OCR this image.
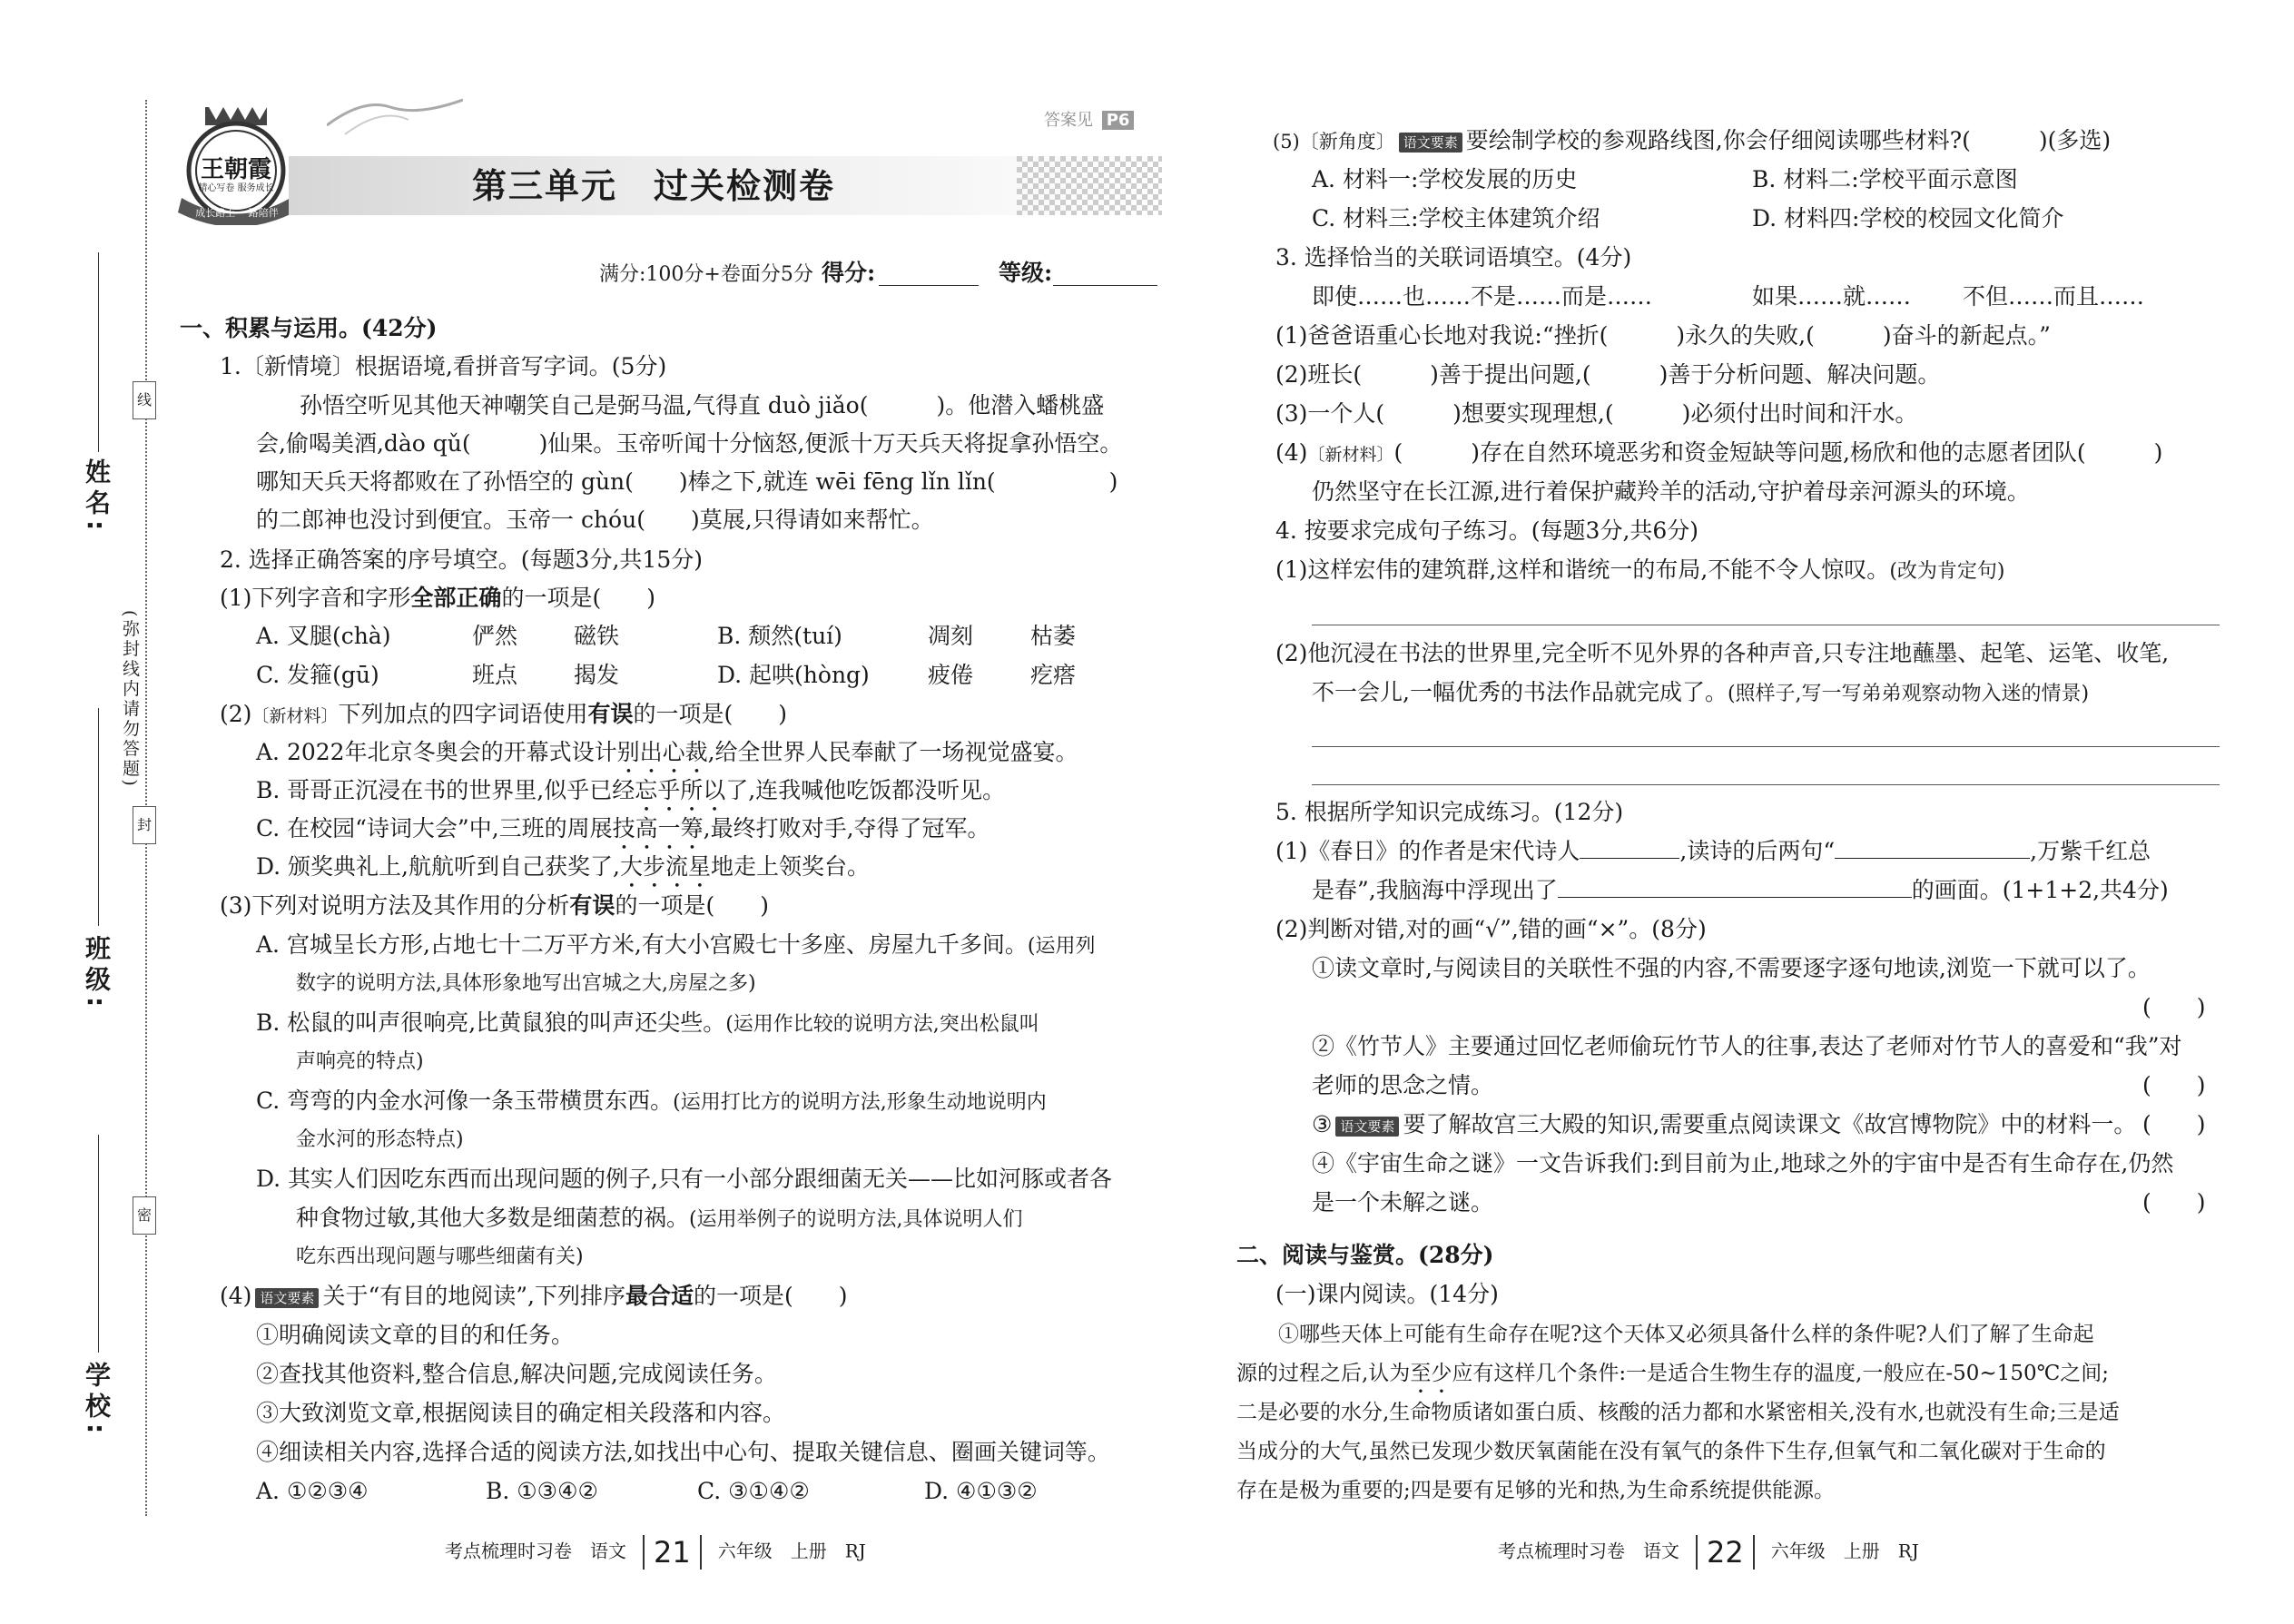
线
封
密
(弥封线内请勿答题)
姓名:
班级:
学校:
王朝霞
精心写卷 服务成长
成长路上 一路陪伴
答案见 P6
第三单元　过关检测卷
满分:100分+卷面分5分 得分:	等级:
一、积累与运用。(42分)
1.〔新情境〕根据语境,看拼音写字词。(5分)
孙悟空听见其他天神嘲笑自己是弼马温,气得直 duò jiǎo(　　　)。他潜入蟠桃盛
会,偷喝美酒,dào qǔ(　　　)仙果。玉帝听闻十分恼怒,便派十万天兵天将捉拿孙悟空。
哪知天兵天将都败在了孙悟空的 gùn(　　)棒之下,就连 wēi fēng lǐn lǐn(　　　　　)
的二郎神也没讨到便宜。玉帝一 chóu(　　)莫展,只得请如来帮忙。
2. 选择正确答案的序号填空。(每题3分,共15分)
(1)下列字音和字形全部正确的一项是(　　)
A. 叉腿(chà)	俨然 磁铁	B. 颓然(tuí)	凋刻	枯萎
C. 发箍(gū)	班点 揭发	D. 起哄(hòng)	疲倦	疙瘩
(2)〔新材料〕下列加点的四字词语使用有误的一项是(　　)
A. 2022年北京冬奥会的开幕式设计别出心裁,给全世界人民奉献了一场视觉盛宴。
B. 哥哥正沉浸在书的世界里,似乎已经忘乎所以了,连我喊他吃饭都没听见。
C. 在校园“诗词大会”中,三班的周展技高一筹,最终打败对手,夺得了冠军。
D. 颁奖典礼上,航航听到自己获奖了,大步流星地走上领奖台。
(3)下列对说明方法及其作用的分析有误的一项是(　　)
A. 宫城呈长方形,占地七十二万平方米,有大小宫殿七十多座、房屋九千多间。(运用列
数字的说明方法,具体形象地写出宫城之大,房屋之多)
B. 松鼠的叫声很响亮,比黄鼠狼的叫声还尖些。(运用作比较的说明方法,突出松鼠叫
声响亮的特点)
C. 弯弯的内金水河像一条玉带横贯东西。(运用打比方的说明方法,形象生动地说明内
金水河的形态特点)
D. 其实人们因吃东西而出现问题的例子,只有一小部分跟细菌无关——比如河豚或者各
种食物过敏,其他大多数是细菌惹的祸。(运用举例子的说明方法,具体说明人们
吃东西出现问题与哪些细菌有关)
(4) 语文要素 关于“有目的地阅读”,下列排序最合适的一项是(　　)
①明确阅读文章的目的和任务。
②查找其他资料,整合信息,解决问题,完成阅读任务。
③大致浏览文章,根据阅读目的确定相关段落和内容。
④细读相关内容,选择合适的阅读方法,如找出中心句、提取关键信息、圈画关键词等。
A. ①②③④	B. ①③④②	C. ③①④②	D. ④①③②
考点梳理时习卷　语文 21 六年级　上册　RJ
(5)〔新角度〕 语文要素 要绘制学校的参观路线图,你会仔细阅读哪些材料?(　　　)(多选)
A. 材料一:学校发展的历史	B. 材料二:学校平面示意图
C. 材料三:学校主体建筑介绍	D. 材料四:学校的校园文化简介
3. 选择恰当的关联词语填空。(4分)
即使……也…… 不是……而是……	如果……就…… 不但……而且……
(1)爸爸语重心长地对我说:“挫折(　　　)永久的失败,(　　　)奋斗的新起点。”
(2)班长(　　　)善于提出问题,(　　　)善于分析问题、解决问题。
(3)一个人(　　　)想要实现理想,(　　　)必须付出时间和汗水。
(4)〔新材料〕(　　　)存在自然环境恶劣和资金短缺等问题,杨欣和他的志愿者团队(　　　)
仍然坚守在长江源,进行着保护藏羚羊的活动,守护着母亲河源头的环境。
4. 按要求完成句子练习。(每题3分,共6分)
(1)这样宏伟的建筑群,这样和谐统一的布局,不能不令人惊叹。(改为肯定句)
(2)他沉浸在书法的世界里,完全听不见外界的各种声音,只专注地蘸墨、起笔、运笔、收笔,
不一会儿,一幅优秀的书法作品就完成了。(照样子,写一写弟弟观察动物入迷的情景)
5. 根据所学知识完成练习。(12分)
(1)《春日》的作者是宋代诗人	,读诗的后两句“	,万紫千红总
是春”,我脑海中浮现出了	的画面。(1+1+2,共4分)
(2)判断对错,对的画“√”,错的画“×”。(8分)
①读文章时,与阅读目的关联性不强的内容,不需要逐字逐句地读,浏览一下就可以了。
(　　)
②《竹节人》主要通过回忆老师偷玩竹节人的往事,表达了老师对竹节人的喜爱和“我”对
老师的思念之情。	(　　)
③ 语文要素 要了解故宫三大殿的知识,需要重点阅读课文《故宫博物院》中的材料一。 (　　)
④《宇宙生命之谜》一文告诉我们:到目前为止,地球之外的宇宙中是否有生命存在,仍然
是一个未解之谜。	(　　)
二、阅读与鉴赏。(28分)
(一)课内阅读。(14分)
①哪些天体上可能有生命存在呢?这个天体又必须具备什么样的条件呢?人们了解了生命起
源的过程之后,认为至少应有这样几个条件:一是适合生物生存的温度,一般应在-50~150℃之间;
二是必要的水分,生命物质诸如蛋白质、核酸的活力都和水紧密相关,没有水,也就没有生命;三是适
当成分的大气,虽然已发现少数厌氧菌能在没有氧气的条件下生存,但氧气和二氧化碳对于生命的
存在是极为重要的;四是要有足够的光和热,为生命系统提供能源。
考点梳理时习卷　语文 22 六年级　上册　RJ
